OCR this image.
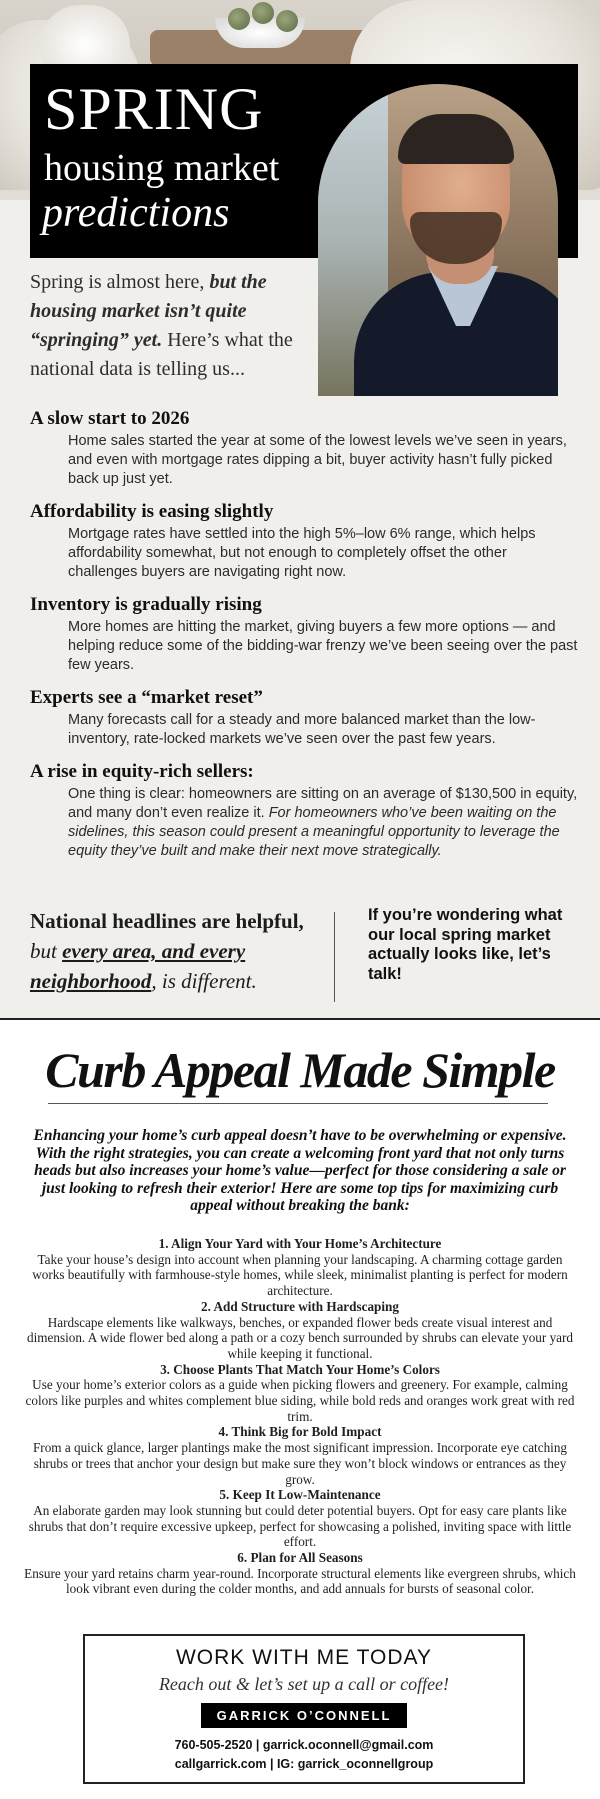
SPRING
housing market
predictions

Spring is almost here, but the housing market isn’t quite “springing” yet. Here’s what the national data is telling us...

A slow start to 2026

Home sales started the year at some of the lowest levels we’ve seen in years, and even with mortgage rates dipping a bit, buyer activity hasn’t fully picked back up just yet.

Affordability is easing slightly

Mortgage rates have settled into the high 5%–low 6% range, which helps affordability somewhat, but not enough to completely offset the other challenges buyers are navigating right now.

Inventory is gradually rising

More homes are hitting the market, giving buyers a few more options — and helping reduce some of the bidding-war frenzy we’ve been seeing over the past few years.

Experts see a “market reset”

Many forecasts call for a steady and more balanced market than the low-inventory, rate-locked markets we’ve seen over the past few years.

A rise in equity-rich sellers:

One thing is clear: homeowners are sitting on an average of $130,500 in equity, and many don’t even realize it. For homeowners who’ve been waiting on the sidelines, this season could present a meaningful opportunity to leverage the equity they’ve built and make their next move strategically.

National headlines are helpful,
but every area, and every neighborhood, is different.

If you’re wondering what our local spring market actually looks like, let’s talk!

Curb Appeal Made Simple

Enhancing your home’s curb appeal doesn’t have to be overwhelming or expensive. With the right strategies, you can create a welcoming front yard that not only turns heads but also increases your home’s value—perfect for those considering a sale or just looking to refresh their exterior! Here are some top tips for maximizing curb appeal without breaking the bank:

1. Align Your Yard with Your Home’s Architecture

Take your house’s design into account when planning your landscaping. A charming cottage garden works beautifully with farmhouse-style homes, while sleek, minimalist planting is perfect for modern architecture.

2. Add Structure with Hardscaping

Hardscape elements like walkways, benches, or expanded flower beds create visual interest and dimension. A wide flower bed along a path or a cozy bench surrounded by shrubs can elevate your yard while keeping it functional.

3. Choose Plants That Match Your Home’s Colors

Use your home’s exterior colors as a guide when picking flowers and greenery. For example, calming colors like purples and whites complement blue siding, while bold reds and oranges work great with red trim.

4. Think Big for Bold Impact

From a quick glance, larger plantings make the most significant impression. Incorporate eye catching shrubs or trees that anchor your design but make sure they won’t block windows or entrances as they grow.

5. Keep It Low-Maintenance

An elaborate garden may look stunning but could deter potential buyers. Opt for easy care plants like shrubs that don’t require excessive upkeep, perfect for showcasing a polished, inviting space with little effort.

6. Plan for All Seasons

Ensure your yard retains charm year-round. Incorporate structural elements like evergreen shrubs, which look vibrant even during the colder months, and add annuals for bursts of seasonal color.

WORK WITH ME TODAY
Reach out & let’s set up a call or coffee!
GARRICK O’CONNELL
760-505-2520 | garrick.oconnell@gmail.com
callgarrick.com | IG: garrick_oconnellgroup
